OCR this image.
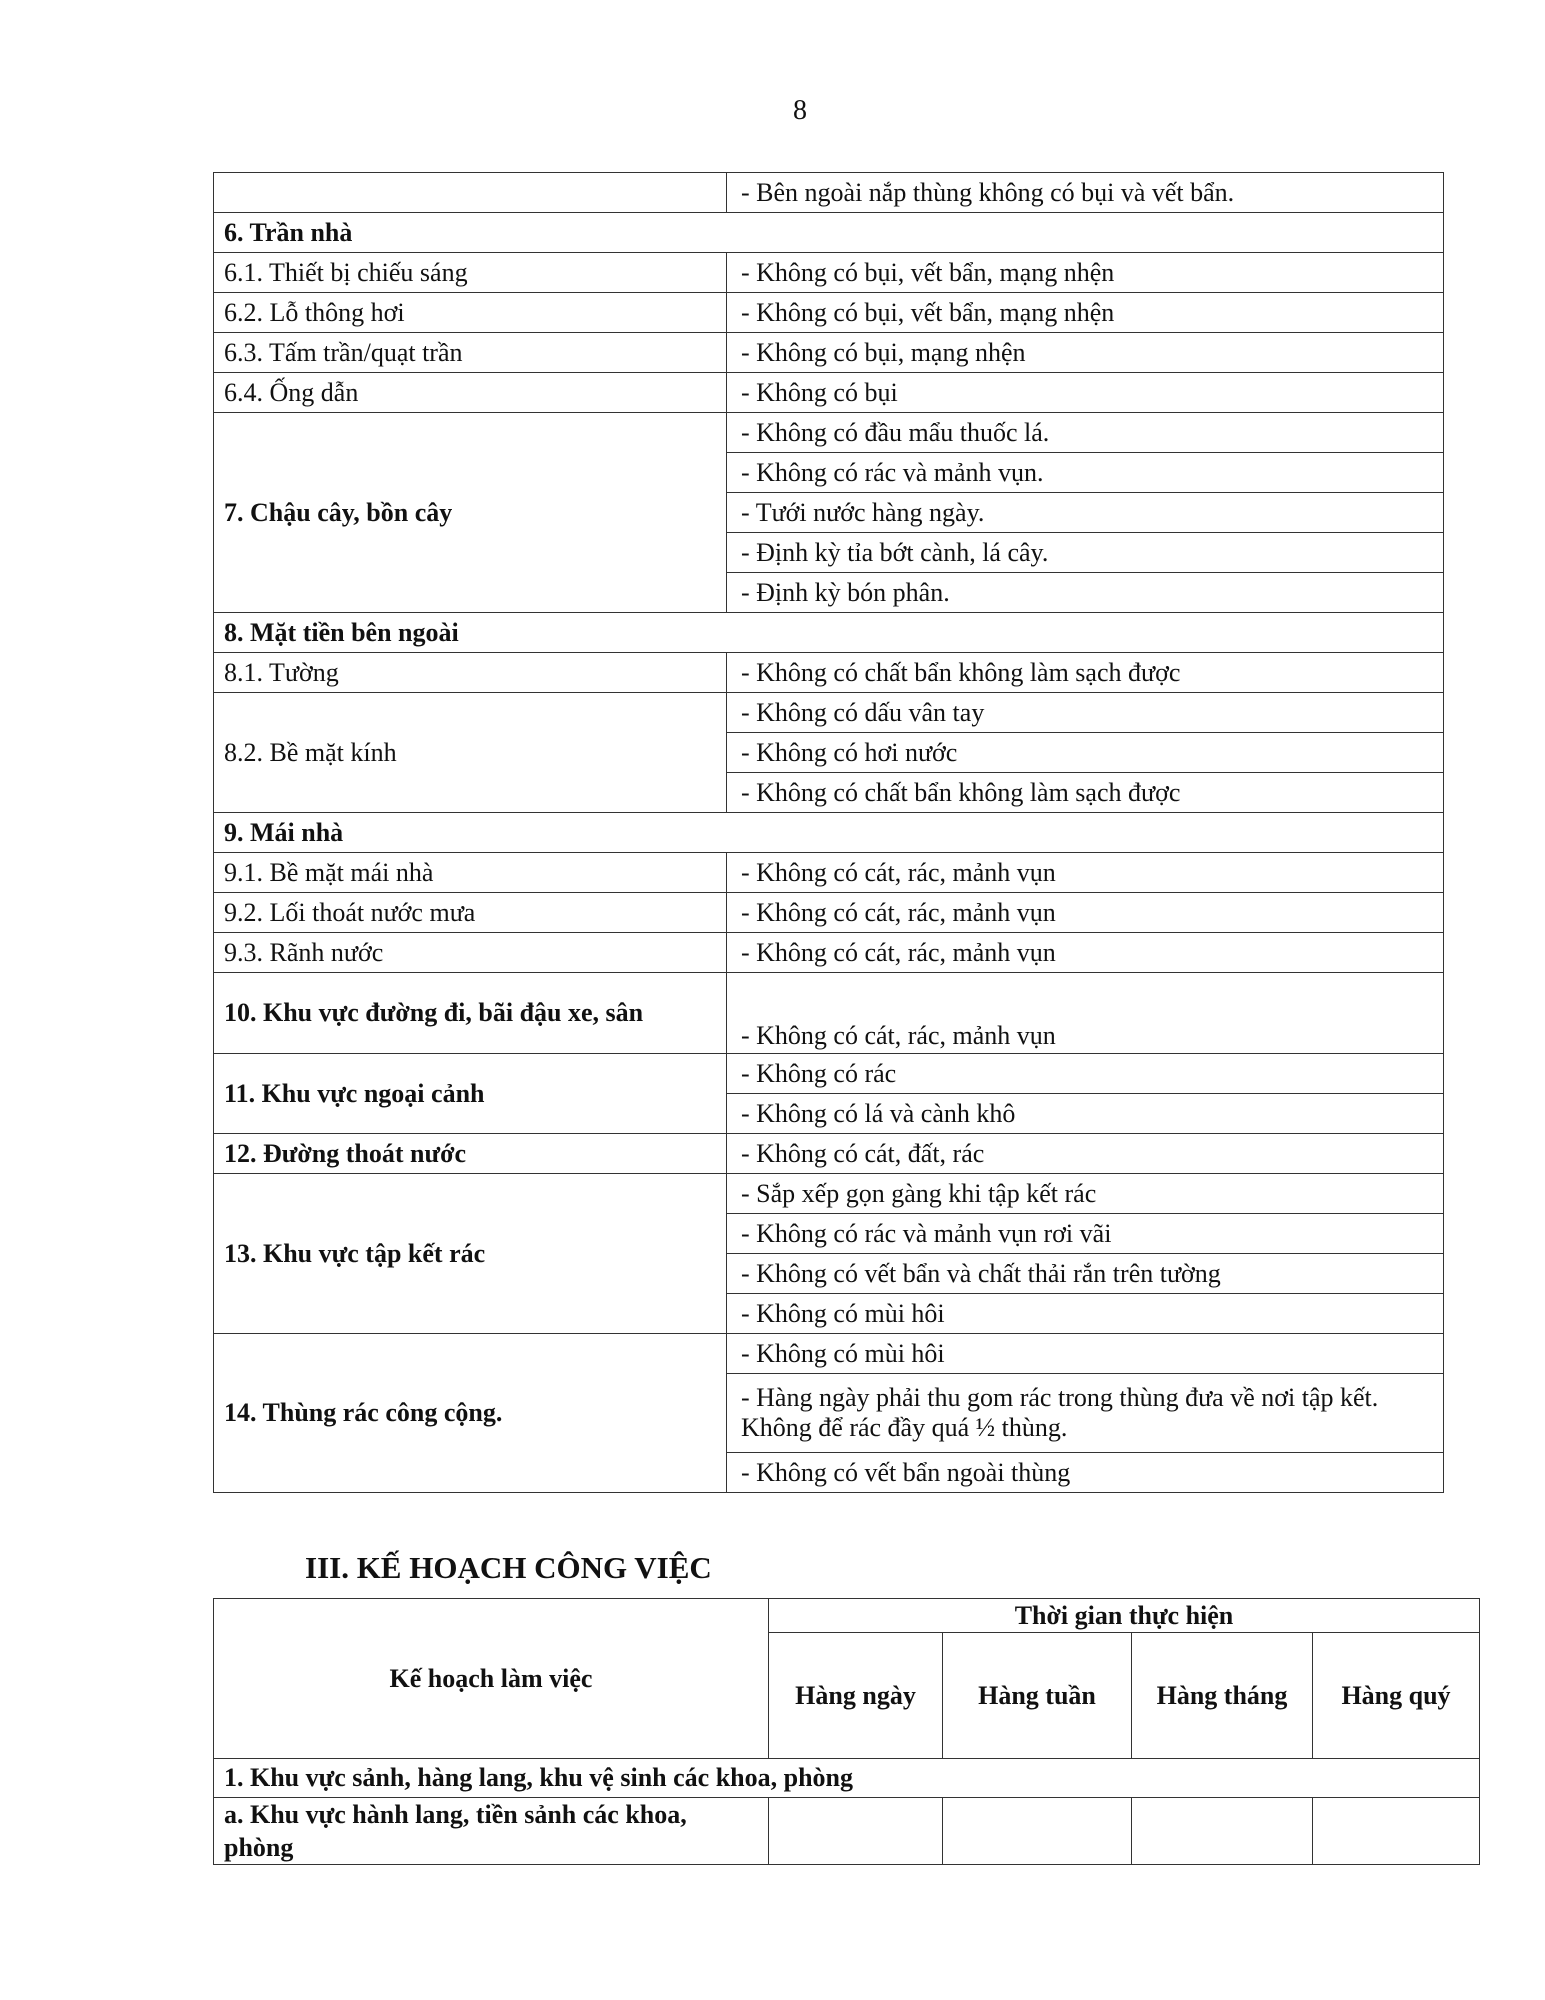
8
	- Bên ngoài nắp thùng không có bụi và vết bẩn.
6. Trần nhà	
6.1. Thiết bị chiếu sáng	- Không có bụi, vết bẩn, mạng nhện
6.2. Lỗ thông hơi	- Không có bụi, vết bẩn, mạng nhện
6.3. Tấm trần/quạt trần	- Không có bụi, mạng nhện
6.4. Ống dẫn	- Không có bụi
7. Chậu cây, bồn cây	- Không có đầu mẩu thuốc lá.
	- Không có rác và mảnh vụn.
	- Tưới nước hàng ngày.
	- Định kỳ tỉa bớt cành, lá cây.
	- Định kỳ bón phân.
8. Mặt tiền bên ngoài	
8.1. Tường	- Không có chất bẩn không làm sạch được
8.2. Bề mặt kính	- Không có dấu vân tay
	- Không có hơi nước
	- Không có chất bẩn không làm sạch được
9. Mái nhà	
9.1. Bề mặt mái nhà	- Không có cát, rác, mảnh vụn
9.2. Lối thoát nước mưa	- Không có cát, rác, mảnh vụn
9.3. Rãnh nước	- Không có cát, rác, mảnh vụn
10. Khu vực đường đi, bãi đậu xe, sân	- Không có cát, rác, mảnh vụn
11. Khu vực ngoại cảnh	- Không có rác
	- Không có lá và cành khô
12. Đường thoát nước	- Không có cát, đất, rác
13. Khu vực tập kết rác	- Sắp xếp gọn gàng khi tập kết rác
	- Không có rác và mảnh vụn rơi vãi
	- Không có vết bẩn và chất thải rắn trên tường
	- Không có mùi hôi
14. Thùng rác công cộng.	- Không có mùi hôi
	- Hàng ngày phải thu gom rác trong thùng đưa về nơi tập kết. Không để rác đầy quá ½ thùng.
	- Không có vết bẩn ngoài thùng
III. KẾ HOẠCH CÔNG VIỆC
Kế hoạch làm việc	Thời gian thực hiện			
	Hàng ngày	Hàng tuần	Hàng tháng	Hàng quý
1. Khu vực sảnh, hàng lang, khu vệ sinh các khoa, phòng				
a. Khu vực hành lang, tiền sảnh các khoa, phòng				
